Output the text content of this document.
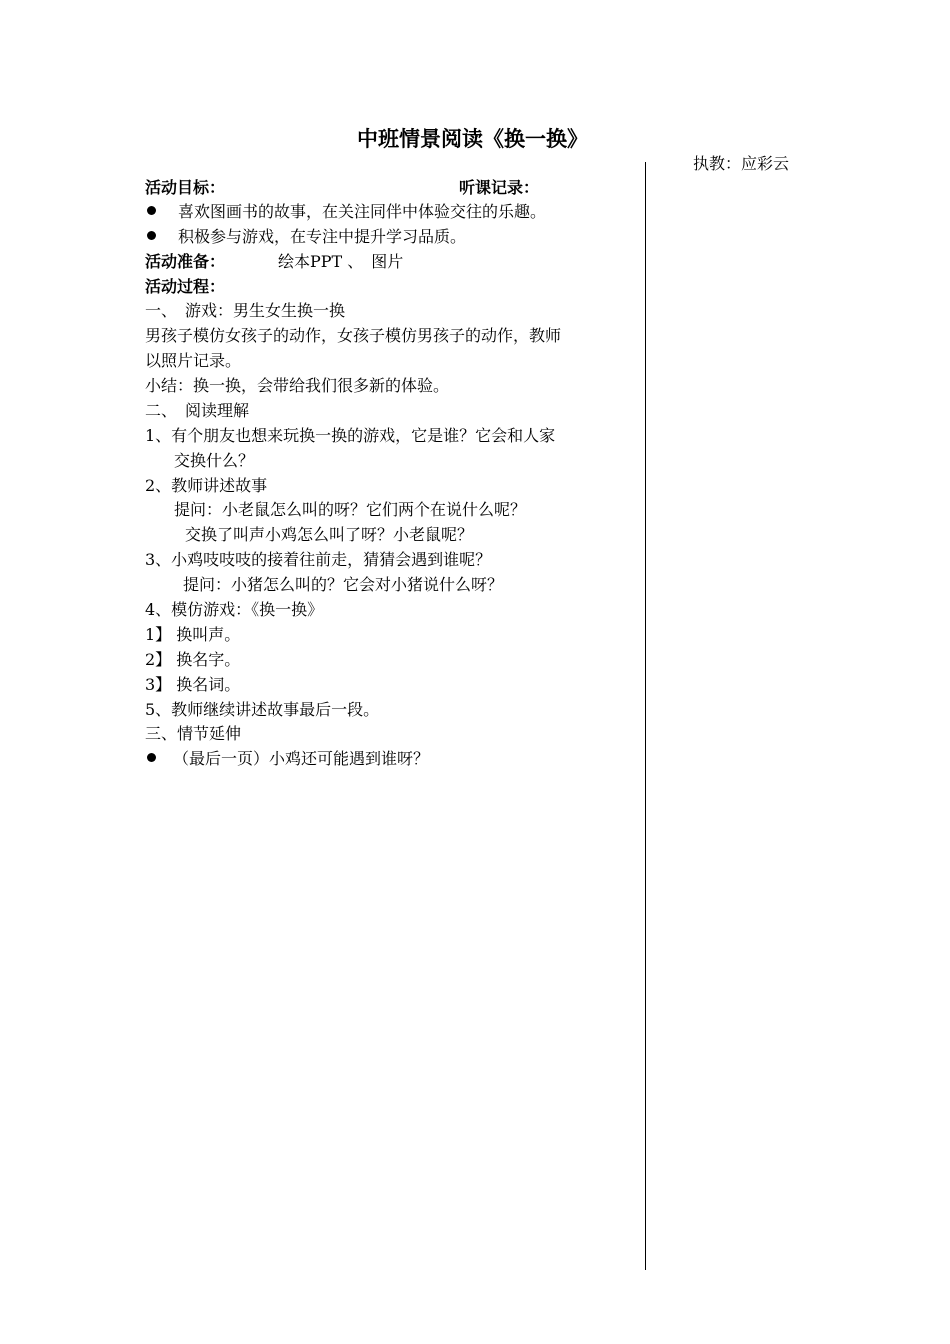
中班情景阅读《换一换》
执教：应彩云
活动目标：	听课记录：
喜欢图画书的故事，在关注同伴中体验交往的乐趣。
积极参与游戏，在专注中提升学习品质。
活动准备：	绘本PPT 、　图片
活动过程：
一、　游戏：男生女生换一换
男孩子模仿女孩子的动作，女孩子模仿男孩子的动作，教师
以照片记录。
小结：换一换，会带给我们很多新的体验。
二、　阅读理解
1、有个朋友也想来玩换一换的游戏，它是谁？它会和人家
交换什么？
2、教师讲述故事
提问：小老鼠怎么叫的呀？它们两个在说什么呢？
交换了叫声小鸡怎么叫了呀？小老鼠呢？
3、小鸡吱吱吱的接着往前走，猜猜会遇到谁呢？
提问：小猪怎么叫的？它会对小猪说什么呀？
4、模仿游戏：《换一换》
1】 换叫声。
2】 换名字。
3】 换名词。
5、教师继续讲述故事最后一段。
三、情节延伸
（最后一页）小鸡还可能遇到谁呀？
